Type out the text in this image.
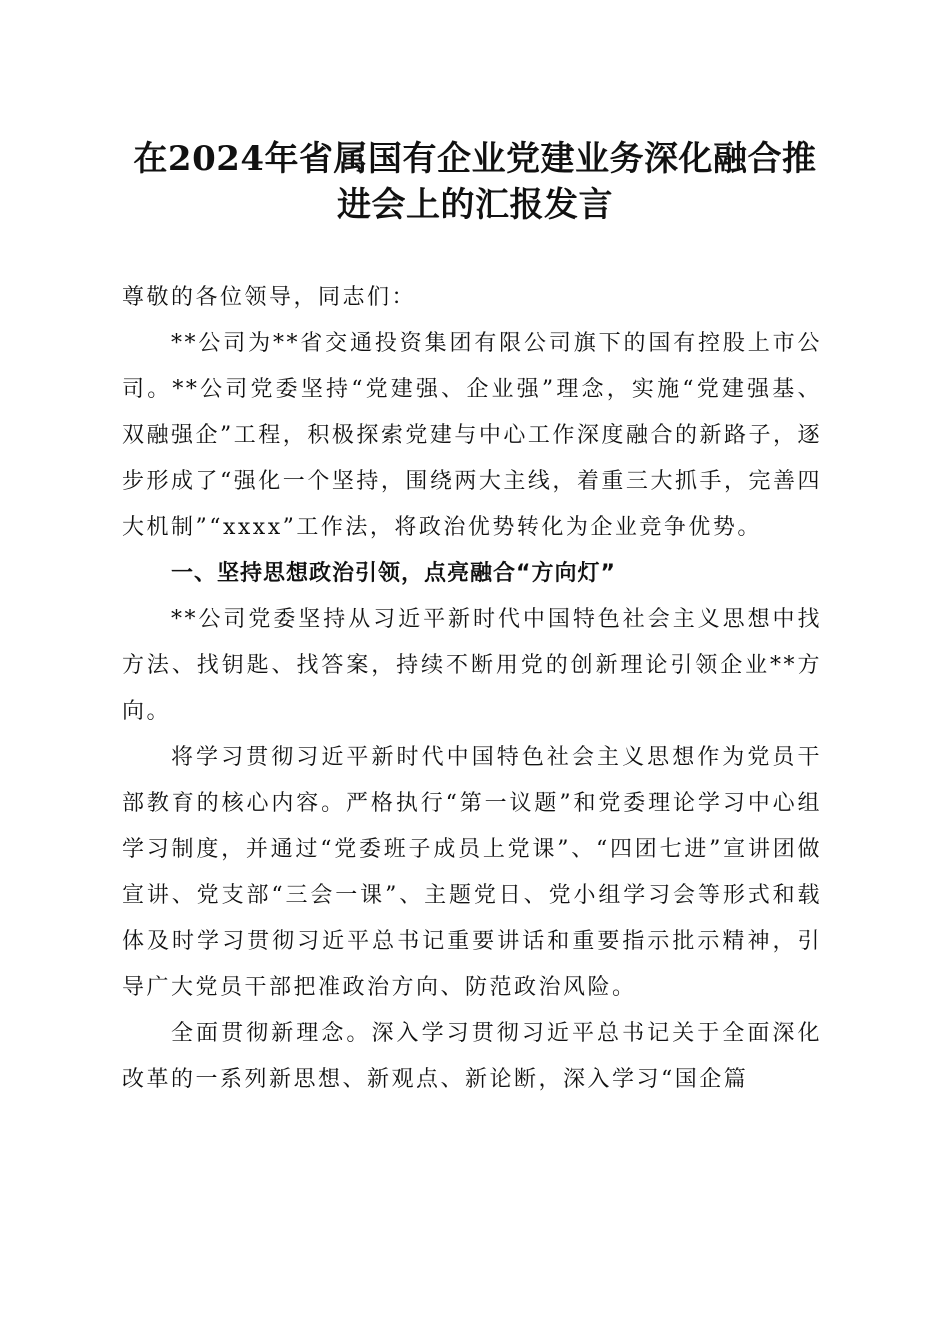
在2024年省属国有企业党建业务深化融合推
进会上的汇报发言

尊敬的各位领导，同志们：

**公司为**省交通投资集团有限公司旗下的国有控股上市公司。**公司党委坚持“党建强、企业强”理念，实施“党建强基、双融强企”工程，积极探索党建与中心工作深度融合的新路子，逐步形成了“强化一个坚持，围绕两大主线，着重三大抓手，完善四大机制”“xxxx”工作法，将政治优势转化为企业竞争优势。

一、坚持思想政治引领，点亮融合“方向灯”

**公司党委坚持从习近平新时代中国特色社会主义思想中找方法、找钥匙、找答案，持续不断用党的创新理论引领企业**方向。

将学习贯彻习近平新时代中国特色社会主义思想作为党员干部教育的核心内容。严格执行“第一议题”和党委理论学习中心组学习制度，并通过“党委班子成员上党课”、“四团七进”宣讲团做宣讲、党支部“三会一课”、主题党日、党小组学习会等形式和载体及时学习贯彻习近平总书记重要讲话和重要指示批示精神，引导广大党员干部把准政治方向、防范政治风险。

全面贯彻新理念。深入学习贯彻习近平总书记关于全面深化改革的一系列新思想、新观点、新论断，深入学习“国企篇
